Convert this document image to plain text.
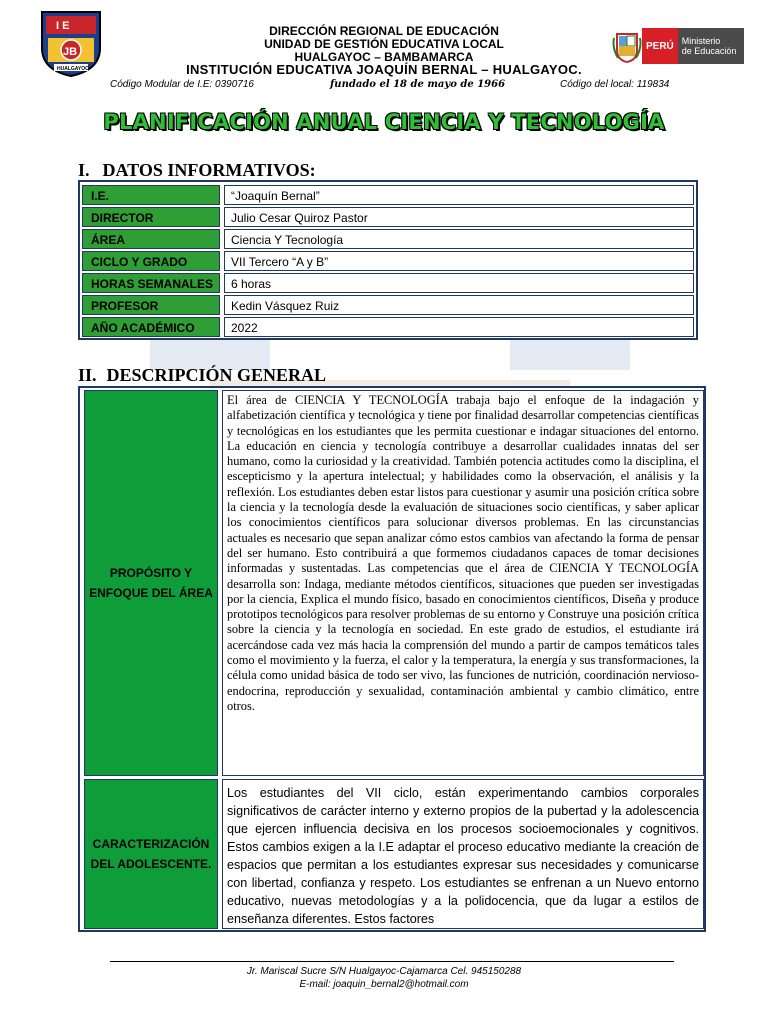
I E
JB
HUALGAYOC
PERÚ Ministerio
de Educación
DIRECCIÓN REGIONAL DE EDUCACIÓN
UNIDAD DE GESTIÓN EDUCATIVA LOCAL
HUALGAYOC – BAMBAMARCA
INSTITUCIÓN EDUCATIVA JOAQUÍN BERNAL – HUALGAYOC.
Código Modular de I.E: 0390716	fundado el 18 de mayo de 1966	Código del local: 119834
PLANIFICACIÓN ANUAL CIENCIA Y TECNOLOGÍA
I. DATOS INFORMATIVOS:
I.E.	“Joaquín Bernal”
DIRECTOR	Julio Cesar Quiroz Pastor
ÁREA	Ciencia Y Tecnología
CICLO Y GRADO	VII Tercero “A y B”
HORAS SEMANALES	6 horas
PROFESOR	Kedin Vásquez Ruiz
AÑO ACADÉMICO	2022
II. DESCRIPCIÓN GENERAL
PROPÓSITO Y ENFOQUE DEL ÁREA
El área de CIENCIA Y TECNOLOGÍA trabaja bajo el enfoque de la indagación y alfabetización científica y tecnológica y tiene por finalidad desarrollar competencias científicas y tecnológicas en los estudiantes que les permita cuestionar e indagar situaciones del entorno. La educación en ciencia y tecnología contribuye a desarrollar cualidades innatas del ser humano, como la curiosidad y la creatividad. También potencia actitudes como la disciplina, el escepticismo y la apertura intelectual; y habilidades como la observación, el análisis y la reflexión. Los estudiantes deben estar listos para cuestionar y asumir una posición crítica sobre la ciencia y la tecnología desde la evaluación de situaciones socio científicas, y saber aplicar los conocimientos científicos para solucionar diversos problemas. En las circunstancias actuales es necesario que sepan analizar cómo estos cambios van afectando la forma de pensar del ser humano. Esto contribuirá a que formemos ciudadanos capaces de tomar decisiones informadas y sustentadas. Las competencias que el área de CIENCIA Y TECNOLOGÍA desarrolla son: Indaga, mediante métodos científicos, situaciones que pueden ser investigadas por la ciencia, Explica el mundo físico, basado en conocimientos científicos, Diseña y produce prototipos tecnológicos para resolver problemas de su entorno y Construye una posición crítica sobre la ciencia y la tecnología en sociedad. En este grado de estudios, el estudiante irá acercándose cada vez más hacia la comprensión del mundo a partir de campos temáticos tales como el movimiento y la fuerza, el calor y la temperatura, la energía y sus transformaciones, la célula como unidad básica de todo ser vivo, las funciones de nutrición, coordinación nervioso-endocrina, reproducción y sexualidad, contaminación ambiental y cambio climático, entre otros.
CARACTERIZACIÓN DEL ADOLESCENTE.
Los estudiantes del VII ciclo, están experimentando cambios corporales significativos de carácter interno y externo propios de la pubertad y la adolescencia que ejercen influencia decisiva en los procesos socioemocionales y cognitivos. Estos cambios exigen a la I.E adaptar el proceso educativo mediante la creación de espacios que permitan a los estudiantes expresar sus necesidades y comunicarse con libertad, confianza y respeto. Los estudiantes se enfrenan a un Nuevo entorno educativo, nuevas metodologías y a la polidocencia, que da lugar a estilos de enseñanza diferentes. Estos factores
Jr. Mariscal Sucre S/N Hualgayoc-Cajamarca Cel. 945150288
E-mail: joaquin_bernal2@hotmail.com
